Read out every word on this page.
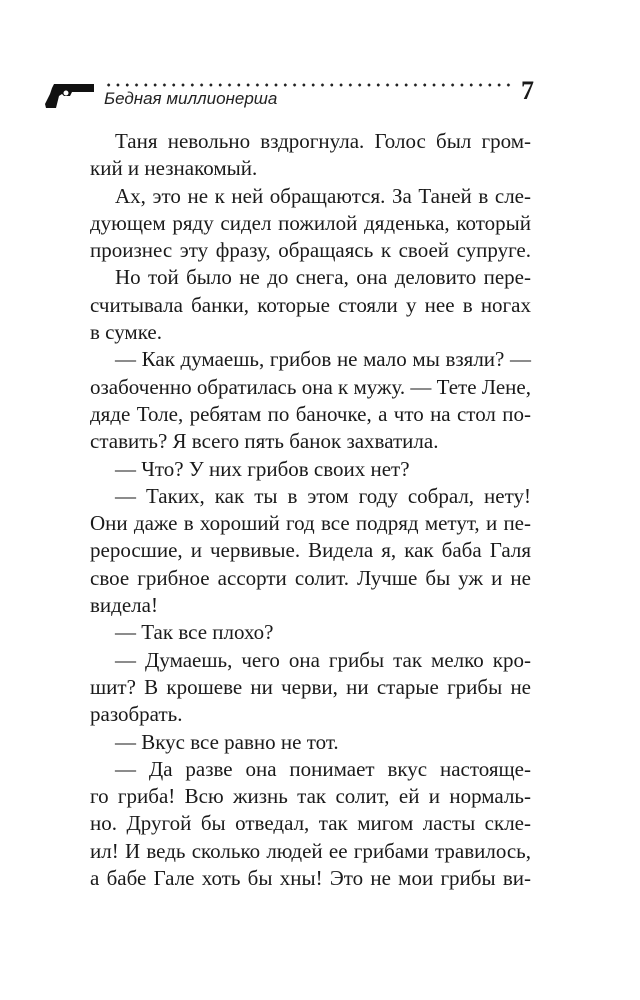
Бедная миллионерша	7
Таня невольно вздрогнула. Голос был гром-
кий и незнакомый.
Ах, это не к ней обращаются. За Таней в сле-
дующем ряду сидел пожилой дяденька, который
произнес эту фразу, обращаясь к своей супруге.
Но той было не до снега, она деловито пере-
считывала банки, которые стояли у нее в ногах
в сумке.
— Как думаешь, грибов не мало мы взяли? —
озабоченно обратилась она к мужу. — Тете Лене,
дяде Толе, ребятам по баночке, а что на стол по-
ставить? Я всего пять банок захватила.
— Что? У них грибов своих нет?
— Таких, как ты в этом году собрал, нету!
Они даже в хороший год все подряд метут, и пе-
реросшие, и червивые. Видела я, как баба Галя
свое грибное ассорти солит. Лучше бы уж и не
видела!
— Так все плохо?
— Думаешь, чего она грибы так мелко кро-
шит? В крошеве ни черви, ни старые грибы не
разобрать.
— Вкус все равно не тот.
— Да разве она понимает вкус настояще-
го гриба! Всю жизнь так солит, ей и нормаль-
но. Другой бы отведал, так мигом ласты скле-
ил! И ведь сколько людей ее грибами травилось,
а бабе Гале хоть бы хны! Это не мои грибы ви-
